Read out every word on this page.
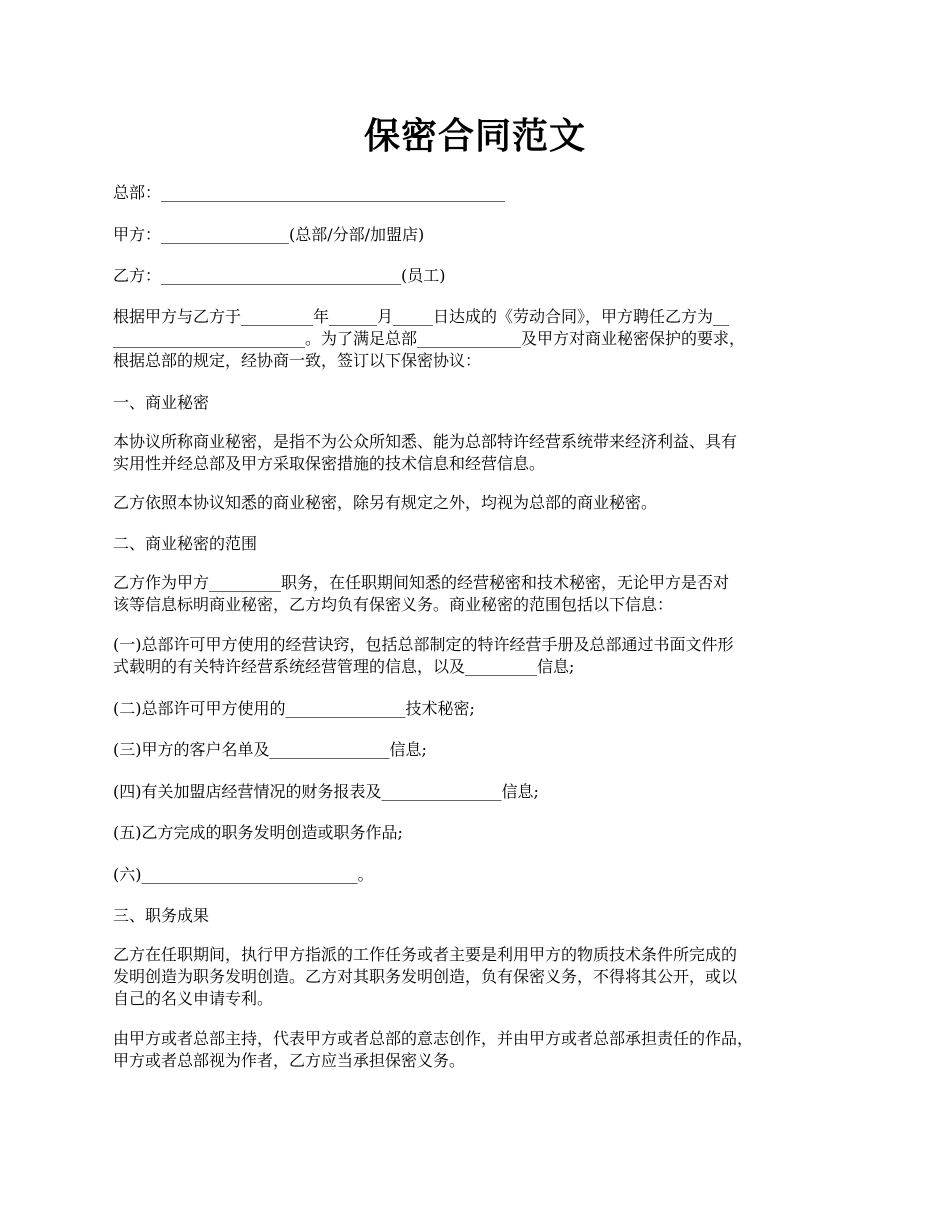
保密合同范文
总部：___________________________________________
甲方：________________(总部/分部/加盟店)
乙方：______________________________(员工)
根据甲方与乙方于_________年______月_____日达成的《劳动合同》，甲方聘任乙方为__
________________________。为了满足总部_____________及甲方对商业秘密保护的要求，
根据总部的规定，经协商一致，签订以下保密协议：
一、商业秘密
本协议所称商业秘密，是指不为公众所知悉、能为总部特许经营系统带来经济利益、具有
实用性并经总部及甲方采取保密措施的技术信息和经营信息。
乙方依照本协议知悉的商业秘密，除另有规定之外，均视为总部的商业秘密。
二、商业秘密的范围
乙方作为甲方_________职务，在任职期间知悉的经营秘密和技术秘密，无论甲方是否对
该等信息标明商业秘密，乙方均负有保密义务。商业秘密的范围包括以下信息：
(一)总部许可甲方使用的经营诀窍，包括总部制定的特许经营手册及总部通过书面文件形
式载明的有关特许经营系统经营管理的信息，以及_________信息;
(二)总部许可甲方使用的_______________技术秘密;
(三)甲方的客户名单及_______________信息;
(四)有关加盟店经营情况的财务报表及_______________信息;
(五)乙方完成的职务发明创造或职务作品;
(六)___________________________。
三、职务成果
乙方在任职期间，执行甲方指派的工作任务或者主要是利用甲方的物质技术条件所完成的
发明创造为职务发明创造。乙方对其职务发明创造，负有保密义务，不得将其公开，或以
自己的名义申请专利。
由甲方或者总部主持，代表甲方或者总部的意志创作，并由甲方或者总部承担责任的作品，
甲方或者总部视为作者，乙方应当承担保密义务。
